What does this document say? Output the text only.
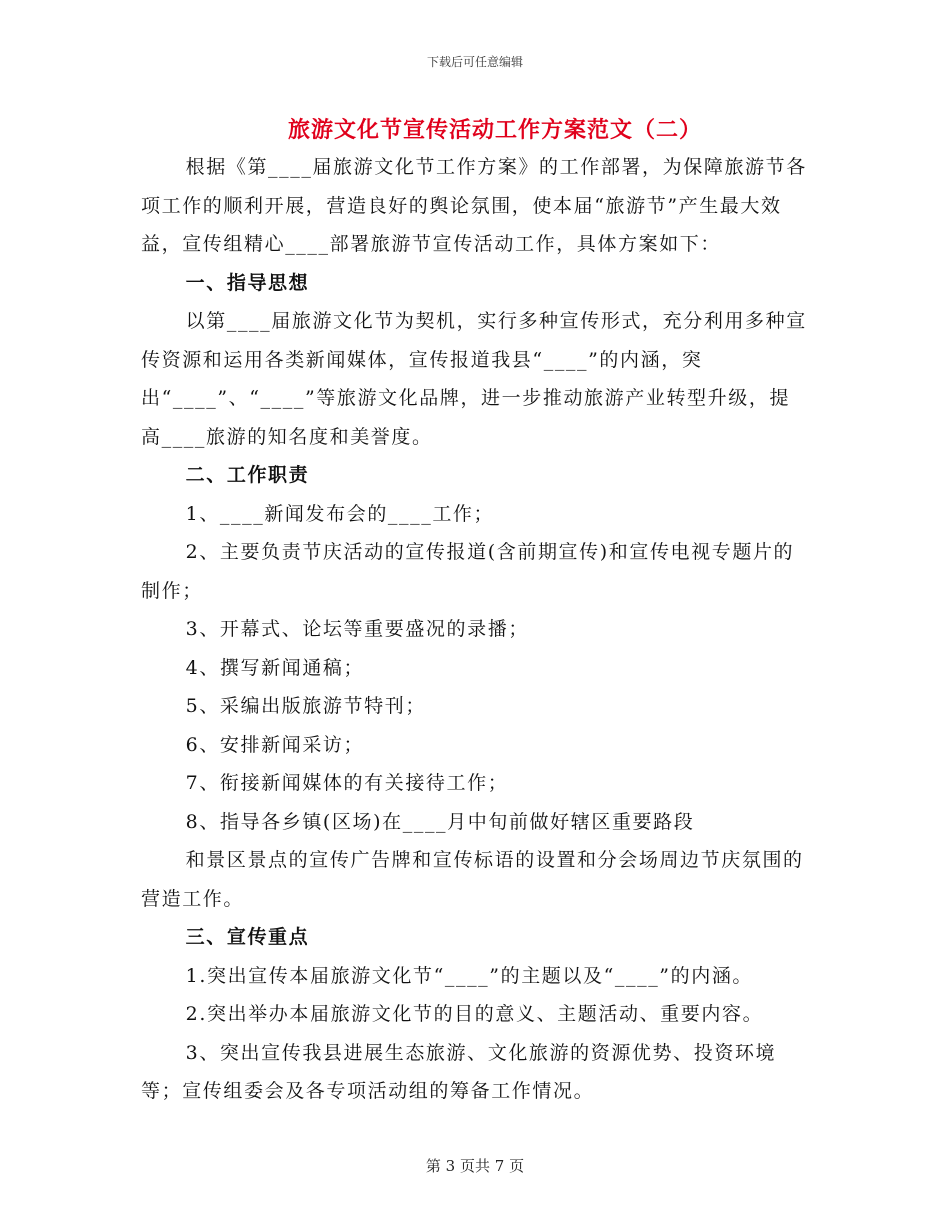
下载后可任意编辑
旅游文化节宣传活动工作方案范文（二）

根据《第____届旅游文化节工作方案》的工作部署，为保障旅游节各项工作的顺利开展，营造良好的舆论氛围，使本届“旅游节”产生最大效益，宣传组精心____部署旅游节宣传活动工作，具体方案如下：

一、指导思想

以第____届旅游文化节为契机，实行多种宣传形式，充分利用多种宣传资源和运用各类新闻媒体，宣传报道我县“____”的内涵，突出“____”、“____”等旅游文化品牌，进一步推动旅游产业转型升级，提高____旅游的知名度和美誉度。

二、工作职责

1、____新闻发布会的____工作；

2、主要负责节庆活动的宣传报道(含前期宣传)和宣传电视专题片的制作；

3、开幕式、论坛等重要盛况的录播；

4、撰写新闻通稿；

5、采编出版旅游节特刊；

6、安排新闻采访；

7、衔接新闻媒体的有关接待工作；

8、指导各乡镇(区场)在____月中旬前做好辖区重要路段

和景区景点的宣传广告牌和宣传标语的设置和分会场周边节庆氛围的营造工作。

三、宣传重点

1.突出宣传本届旅游文化节“____”的主题以及“____”的内涵。

2.突出举办本届旅游文化节的目的意义、主题活动、重要内容。

3、突出宣传我县进展生态旅游、文化旅游的资源优势、投资环境等；宣传组委会及各专项活动组的筹备工作情况。

第 3 页共 7 页
